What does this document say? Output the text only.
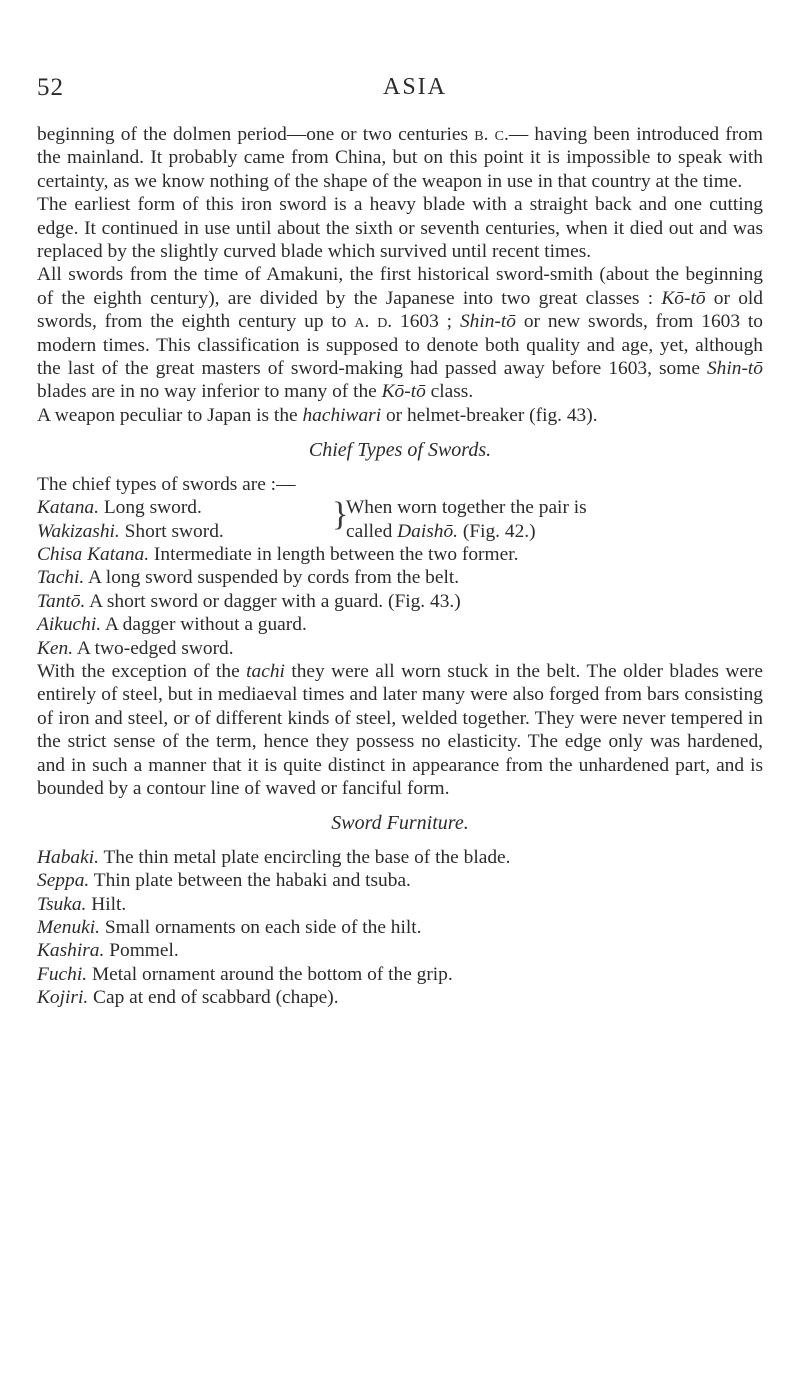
52	ASIA

beginning of the dolmen period—one or two centuries b. c.— having been introduced from the mainland. It probably came from China, but on this point it is impossible to speak with certainty, as we know nothing of the shape of the weapon in use in that country at the time.

The earliest form of this iron sword is a heavy blade with a straight back and one cutting edge. It continued in use until about the sixth or seventh centuries, when it died out and was replaced by the slightly curved blade which survived until recent times.

All swords from the time of Amakuni, the first historical sword-smith (about the beginning of the eighth century), are divided by the Japanese into two great classes : Kō-tō or old swords, from the eighth century up to a. d. 1603 ; Shin-tō or new swords, from 1603 to modern times. This classification is supposed to denote both quality and age, yet, although the last of the great masters of sword-making had passed away before 1603, some Shin-tō blades are in no way inferior to many of the Kō-tō class.

A weapon peculiar to Japan is the hachiwari or helmet-breaker (fig. 43).

Chief Types of Swords.

The chief types of swords are :—

Katana. Long sword.
Wakizashi. Short sword.	}
When worn together the pair is
called Daishō. (Fig. 42.)
Chisa Katana. Intermediate in length between the two former.
Tachi. A long sword suspended by cords from the belt.
Tantō. A short sword or dagger with a guard. (Fig. 43.)
Aikuchi. A dagger without a guard.
Ken. A two-edged sword.

With the exception of the tachi they were all worn stuck in the belt. The older blades were entirely of steel, but in mediaeval times and later many were also forged from bars consisting of iron and steel, or of different kinds of steel, welded together. They were never tempered in the strict sense of the term, hence they possess no elasticity. The edge only was hardened, and in such a manner that it is quite distinct in appearance from the unhardened part, and is bounded by a contour line of waved or fanciful form.

Sword Furniture.

Habaki. The thin metal plate encircling the base of the blade.
Seppa. Thin plate between the habaki and tsuba.
Tsuka. Hilt.
Menuki. Small ornaments on each side of the hilt.
Kashira. Pommel.
Fuchi. Metal ornament around the bottom of the grip.
Kojiri. Cap at end of scabbard (chape).
